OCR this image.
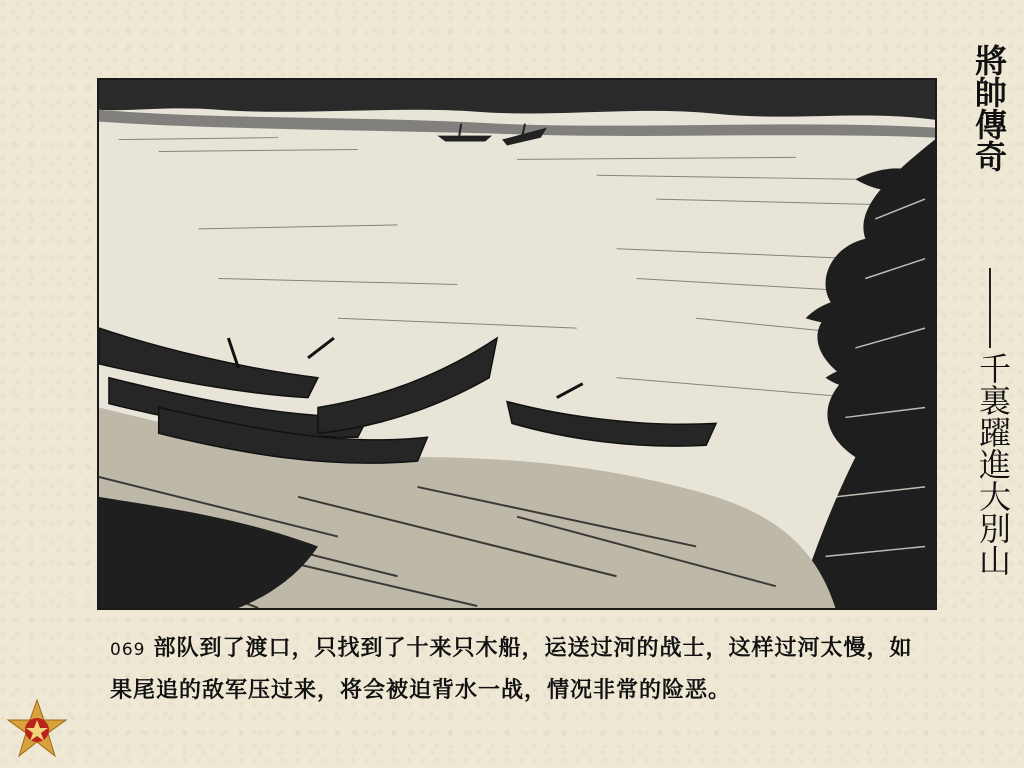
069 部队到了渡口，只找到了十来只木船，运送过河的战士，这样过河太慢，如果尾追的敌军压过来，将会被迫背水一战，情况非常的险恶。
將帥傳奇
千裏躍進大別山
